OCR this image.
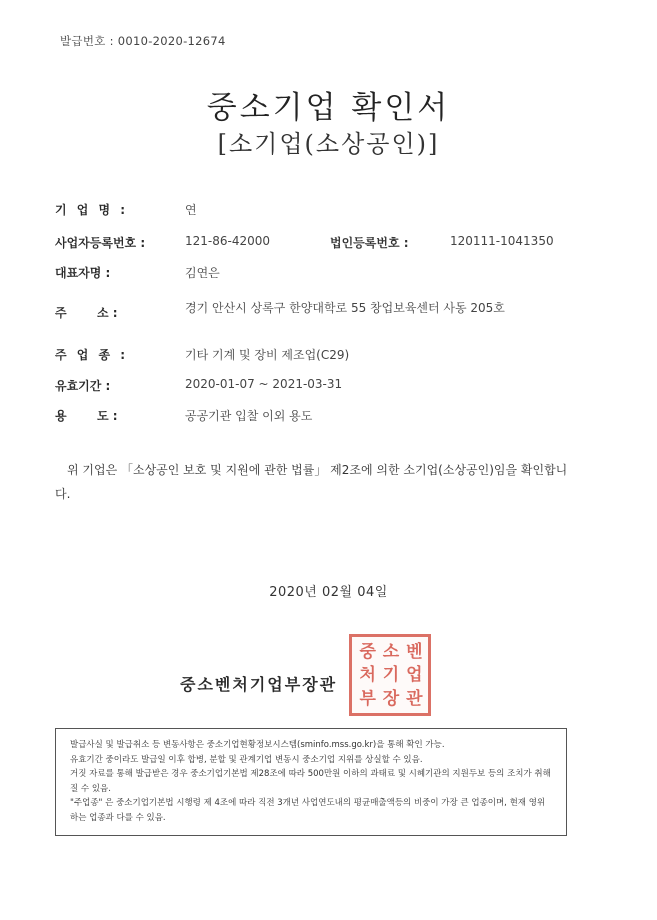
발급번호 : 0010-2020-12674
중소기업 확인서
[소기업(소상공인)]
기 업 명 :	연
사업자등록번호 :	121-86-42000	법인등록번호 :	120111-1041350
대표자명 :	김연은
주	소 :	경기 안산시 상록구 한양대학로 55 창업보육센터 사동 205호
주 업 종 :	기타 기계 및 장비 제조업(C29)
유효기간 :	2020-01-07 ~ 2021-03-31
용	도 :	공공기관 입찰 이외 용도
위 기업은 「소상공인 보호 및 지원에 관한 법률」 제2조에 의한 소기업(소상공인)임을 확인합니다.
2020년 02월 04일
중소벤처기업부장관
중 소 벤
처 기 업
부 장 관

발급사실 및 발급취소 등 변동사항은 중소기업현황정보시스템(sminfo.mss.go.kr)을 통해 확인 가능.

유효기간 중이라도 발급일 이후 합병, 분할 및 관계기업 변동시 중소기업 지위를 상실할 수 있음.

거짓 자료를 통해 발급받은 경우 중소기업기본법 제28조에 따라 500만원 이하의 과태료 및 시혜기관의 지원두보 등의 조치가 취해질 수 있음.

"주업종" 은 중소기업기본법 시행령 제 4조에 따라 직전 3개년 사업연도내의 평균매출액등의 비중이 가장 큰 업종이며, 현재 영위하는 업종과 다를 수 있음.
